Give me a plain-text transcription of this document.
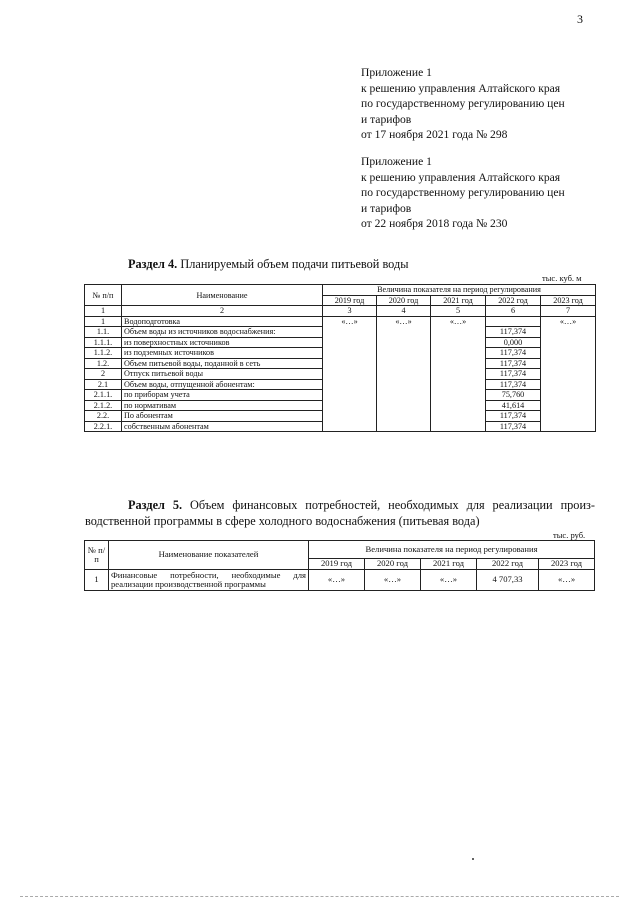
3
Приложение 1
к решению управления Алтайского края
по государственному регулированию цен
и тарифов
от 17 ноября 2021 года № 298
Приложение 1
к решению управления Алтайского края
по государственному регулированию цен
и тарифов
от 22 ноября 2018 года № 230
Раздел 4. Планируемый объем подачи питьевой воды
тыс. куб. м
№ п/п	Наименование	Величина показателя на период регулирования				
		2019 год	2020 год	2021 год	2022 год	2023 год
1	2	3	4	5	6	7
1	Водоподготовка	«…»	«…»	«…»		«…»
1.1.	Объем воды из источников водоснабжения:				117,374	
1.1.1.	из поверхностных источников				0,000	
1.1.2.	из подземных источников				117,374	
1.2.	Объем питьевой воды, поданной в сеть				117,374	
2	Отпуск питьевой воды				117,374	
2.1	Объем воды, отпущенной абонентам:				117,374	
2.1.1.	по приборам учета				75,760	
2.1.2.	по нормативам				41,614	
2.2.	По абонентам				117,374	
2.2.1.	собственным абонентам				117,374	
Раздел 5. Объем финансовых потребностей, необходимых для реализации произ-
водственной программы в сфере холодного водоснабжения (питьевая вода)
тыс. руб.
№ п/п	Наименование показателей	Величина показателя на период регулирования				
		2019 год	2020 год	2021 год	2022 год	2023 год
1	Финансовые потребности, необходимые для
реализации производственной программы	«…»	«…»	«…»	4 707,33	«…»
